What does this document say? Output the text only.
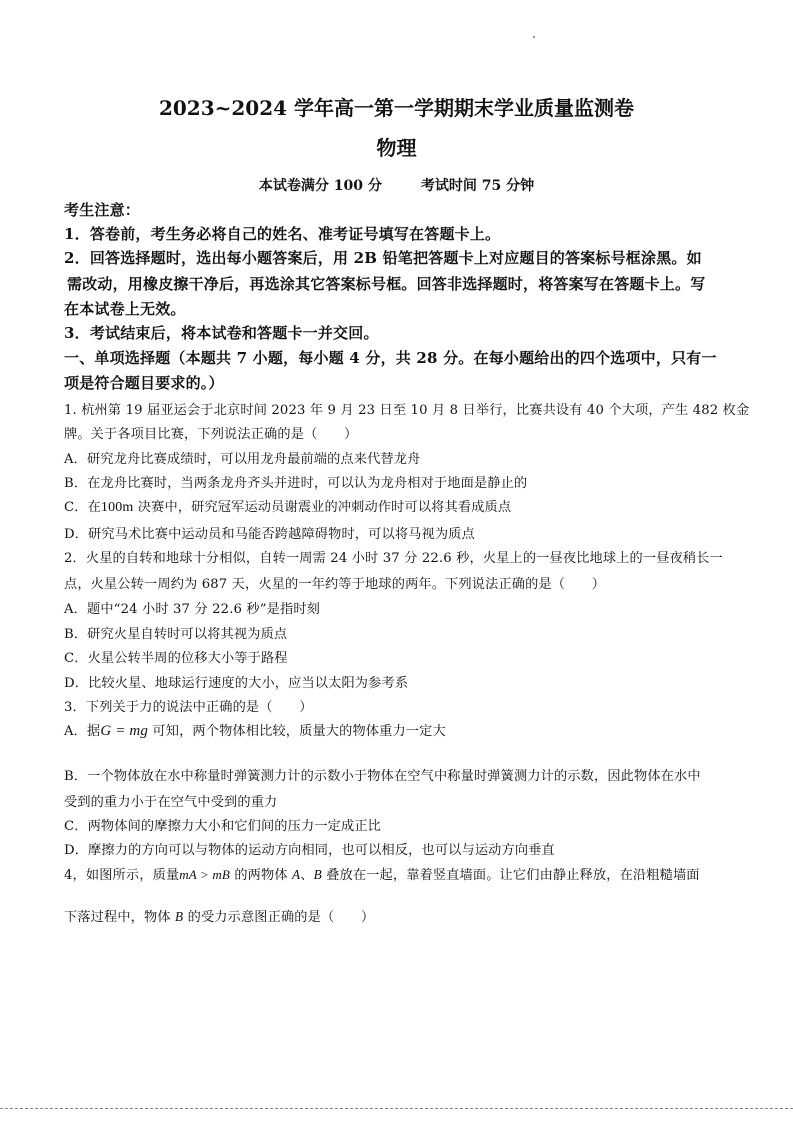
2023~2024 学年高一第一学期期末学业质量监测卷
物理
本试卷满分 100 分        考试时间 75 分钟
考生注意：
1．答卷前，考生务必将自己的姓名、准考证号填写在答题卡上。
2．回答选择题时，选出每小题答案后，用 2B 铅笔把答题卡上对应题目的答案标号框涂黑。如
需改动，用橡皮擦干净后，再选涂其它答案标号框。回答非选择题时，将答案写在答题卡上。写
在本试卷上无效。
3．考试结束后，将本试卷和答题卡一并交回。
一、单项选择题（本题共 7 小题，每小题 4 分，共 28 分。在每小题给出的四个选项中，只有一
项是符合题目要求的。）
1. 杭州第 19 届亚运会于北京时间 2023 年 9 月 23 日至 10 月 8 日举行，比赛共设有 40 个大项，产生 482 枚金
牌。关于各项目比赛，下列说法正确的是（　　）
A．研究龙舟比赛成绩时，可以用龙舟最前端的点来代替龙舟
B．在龙舟比赛时，当两条龙舟齐头并进时，可以认为龙舟相对于地面是静止的
C．在100m 决赛中，研究冠军运动员谢震业的冲刺动作时可以将其看成质点
D．研究马术比赛中运动员和马能否跨越障碍物时，可以将马视为质点
2．火星的自转和地球十分相似，自转一周需 24 小时 37 分 22.6 秒，火星上的一昼夜比地球上的一昼夜稍长一
点，火星公转一周约为 687 天，火星的一年约等于地球的两年。下列说法正确的是（　　）
A．题中“24 小时 37 分 22.6 秒”是指时刻
B．研究火星自转时可以将其视为质点
C．火星公转半周的位移大小等于路程
D．比较火星、地球运行速度的大小，应当以太阳为参考系
3．下列关于力的说法中正确的是（　　）
A．据G = mg 可知，两个物体相比较，质量大的物体重力一定大
B．一个物体放在水中称量时弹簧测力计的示数小于物体在空气中称量时弹簧测力计的示数，因此物体在水中
受到的重力小于在空气中受到的重力
C．两物体间的摩擦力大小和它们间的压力一定成正比
D．摩擦力的方向可以与物体的运动方向相同，也可以相反，也可以与运动方向垂直
4，如图所示，质量mA > mB 的两物体 A、B 叠放在一起，靠着竖直墙面。让它们由静止释放，在沿粗糙墙面
下落过程中，物体 B 的受力示意图正确的是（　　）
